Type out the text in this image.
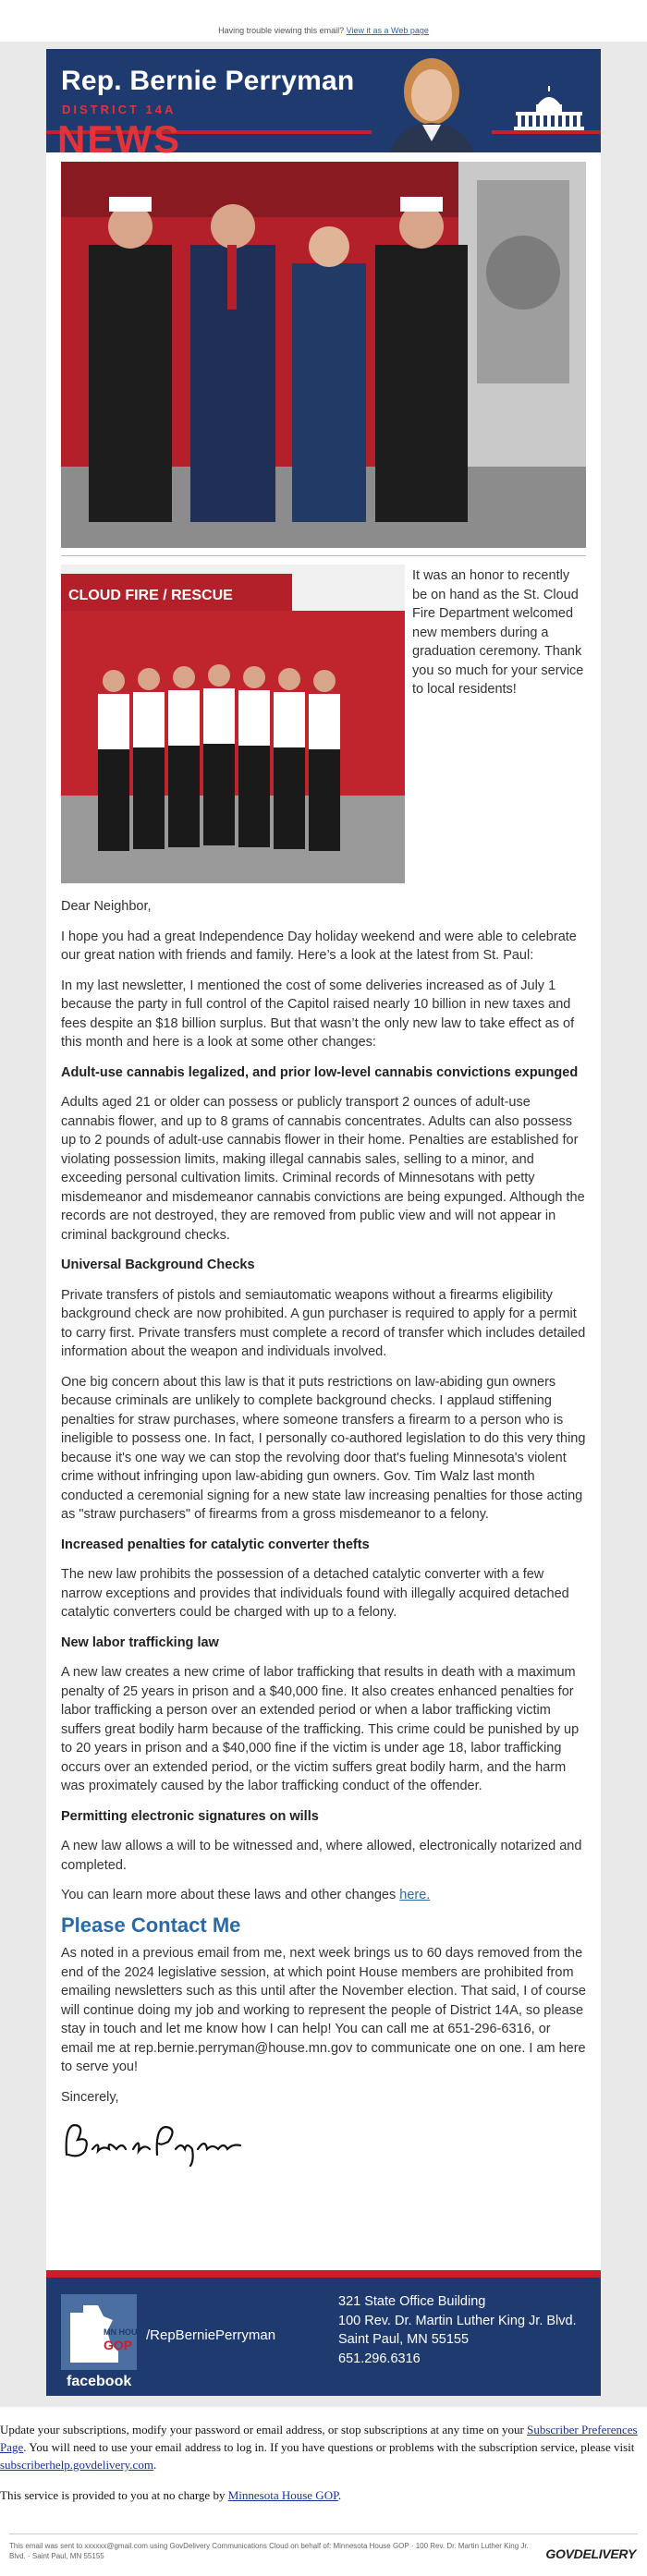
Having trouble viewing this email? View it as a Web page
NEWS
Rep. Bernie Perryman
DISTRICT 14A
CLOUD FIRE / RESCUE
It was an honor to recently be on hand as the St. Cloud Fire Department welcomed new members during a graduation ceremony. Thank you so much for your service to local residents!

Dear Neighbor,

I hope you had a great Independence Day holiday weekend and were able to celebrate our great nation with friends and family. Here’s a look at the latest from St. Paul:

In my last newsletter, I mentioned the cost of some deliveries increased as of July 1 because the party in full control of the Capitol raised nearly 10 billion in new taxes and fees despite an $18 billion surplus. But that wasn’t the only new law to take effect as of this month and here is a look at some other changes:

Adult-use cannabis legalized, and prior low-level cannabis convictions expunged

Adults aged 21 or older can possess or publicly transport 2 ounces of adult-use cannabis flower, and up to 8 grams of cannabis concentrates. Adults can also possess up to 2 pounds of adult-use cannabis flower in their home. Penalties are established for violating possession limits, making illegal cannabis sales, selling to a minor, and exceeding personal cultivation limits. Criminal records of Minnesotans with petty misdemeanor and misdemeanor cannabis convictions are being expunged. Although the records are not destroyed, they are removed from public view and will not appear in criminal background checks.

Universal Background Checks

Private transfers of pistols and semiautomatic weapons without a firearms eligibility background check are now prohibited. A gun purchaser is required to apply for a permit to carry first. Private transfers must complete a record of transfer which includes detailed information about the weapon and individuals involved.

One big concern about this law is that it puts restrictions on law-abiding gun owners because criminals are unlikely to complete background checks. I applaud stiffening penalties for straw purchases, where someone transfers a firearm to a person who is ineligible to possess one. In fact, I personally co-authored legislation to do this very thing because it's one way we can stop the revolving door that's fueling Minnesota's violent crime without infringing upon law-abiding gun owners. Gov. Tim Walz last month conducted a ceremonial signing for a new state law increasing penalties for those acting as "straw purchasers" of firearms from a gross misdemeanor to a felony.

Increased penalties for catalytic converter thefts

The new law prohibits the possession of a detached catalytic converter with a few narrow exceptions and provides that individuals found with illegally acquired detached catalytic converters could be charged with up to a felony.

New labor trafficking law

A new law creates a new crime of labor trafficking that results in death with a maximum penalty of 25 years in prison and a $40,000 fine. It also creates enhanced penalties for labor trafficking a person over an extended period or when a labor trafficking victim suffers great bodily harm because of the trafficking. This crime could be punished by up to 20 years in prison and a $40,000 fine if the victim is under age 18, labor trafficking occurs over an extended period, or the victim suffers great bodily harm, and the harm was proximately caused by the labor trafficking conduct of the offender.

Permitting electronic signatures on wills

A new law allows a will to be witnessed and, where allowed, electronically notarized and completed.

You can learn more about these laws and other changes here.

Please Contact Me

As noted in a previous email from me, next week brings us to 60 days removed from the end of the 2024 legislative session, at which point House members are prohibited from emailing newsletters such as this until after the November election. That said, I of course will continue doing my job and working to represent the people of District 14A, so please stay in touch and let me know how I can help! You can call me at 651-296-6316, or email me at rep.bernie.perryman@house.mn.gov to communicate one on one. I am here to serve you!

Sincerely,

MN HOUSE
GOP
facebook
/RepBerniePerryman
321 State Office Building
100 Rev. Dr. Martin Luther King Jr. Blvd.
Saint Paul, MN 55155
651.296.6316

Update your subscriptions, modify your password or email address, or stop subscriptions at any time on your Subscriber Preferences Page. You will need to use your email address to log in. If you have questions or problems with the subscription service, please visit subscriberhelp.govdelivery.com.

This service is provided to you at no charge by Minnesota House GOP.

This email was sent to xxxxxx@gmail.com using GovDelivery Communications Cloud on behalf of: Minnesota House GOP · 100 Rev. Dr. Martin Luther King Jr. Blvd. · Saint Paul, MN 55155	GOVDELIVERY
